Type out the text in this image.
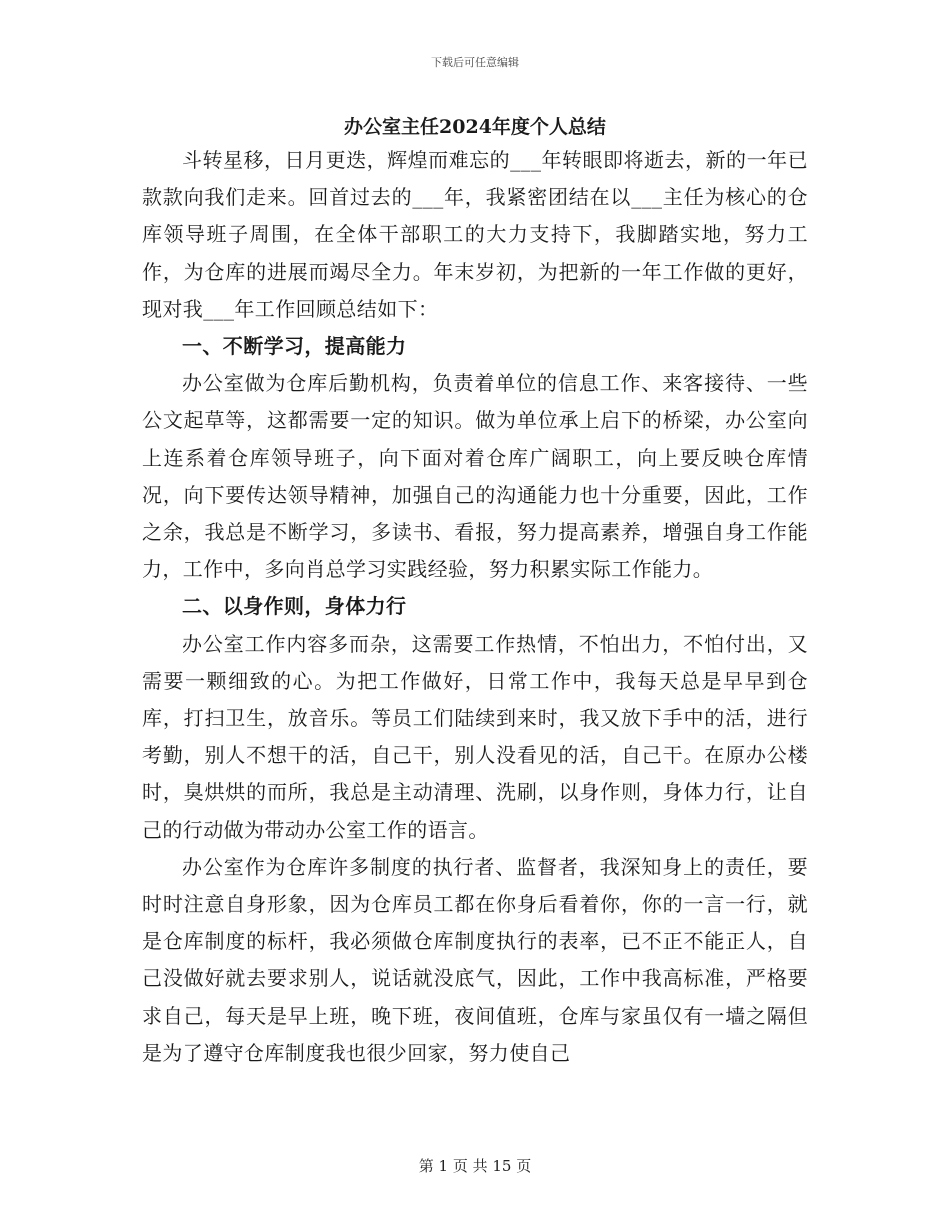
下载后可任意编辑
办公室主任2024年度个人总结

斗转星移，日月更迭，辉煌而难忘的___年转眼即将逝去，新的一年已款款向我们走来。回首过去的___年，我紧密团结在以___主任为核心的仓库领导班子周围，在全体干部职工的大力支持下，我脚踏实地，努力工作，为仓库的进展而竭尽全力。年末岁初，为把新的一年工作做的更好，现对我___年工作回顾总结如下：

一、不断学习，提高能力

办公室做为仓库后勤机构，负责着单位的信息工作、来客接待、一些公文起草等，这都需要一定的知识。做为单位承上启下的桥梁，办公室向上连系着仓库领导班子，向下面对着仓库广阔职工，向上要反映仓库情况，向下要传达领导精神，加强自己的沟通能力也十分重要，因此，工作之余，我总是不断学习，多读书、看报，努力提高素养，增强自身工作能力，工作中，多向肖总学习实践经验，努力积累实际工作能力。

二、以身作则，身体力行

办公室工作内容多而杂，这需要工作热情，不怕出力，不怕付出，又需要一颗细致的心。为把工作做好，日常工作中，我每天总是早早到仓库，打扫卫生，放音乐。等员工们陆续到来时，我又放下手中的活，进行考勤，别人不想干的活，自己干，别人没看见的活，自己干。在原办公楼时，臭烘烘的而所，我总是主动清理、洗刷，以身作则，身体力行，让自己的行动做为带动办公室工作的语言。

办公室作为仓库许多制度的执行者、监督者，我深知身上的责任，要时时注意自身形象，因为仓库员工都在你身后看着你，你的一言一行，就是仓库制度的标杆，我必须做仓库制度执行的表率，已不正不能正人，自己没做好就去要求别人，说话就没底气，因此，工作中我高标准，严格要求自己，每天是早上班，晚下班，夜间值班，仓库与家虽仅有一墙之隔但是为了遵守仓库制度我也很少回家，努力使自己

第 1 页 共 15 页
